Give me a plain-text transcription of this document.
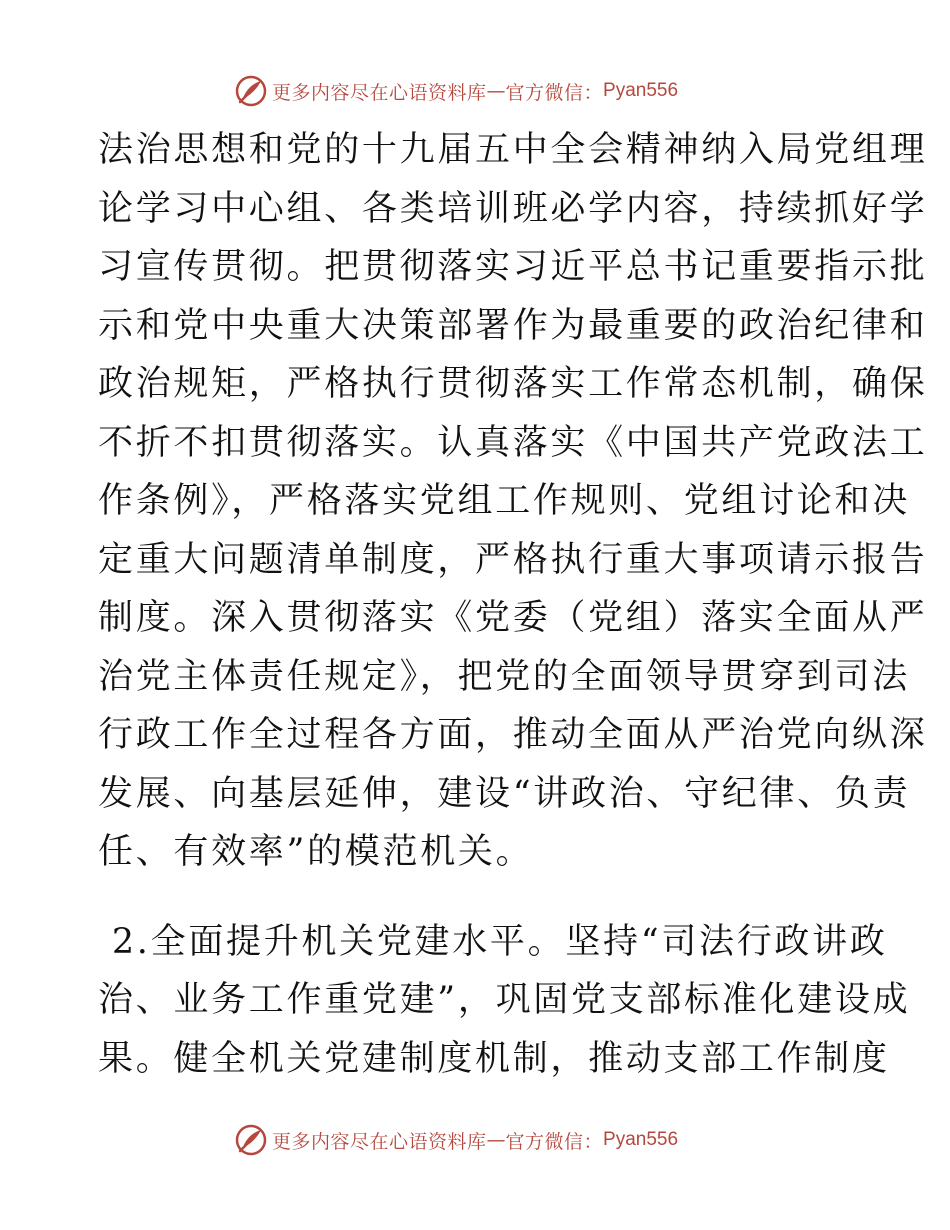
更多内容尽在心语资料库 — 官方微信： Pyan556
法治思想和党的十九届五中全会精神纳入局党组理
论学习中心组、各类培训班必学内容，持续抓好学
习宣传贯彻。把贯彻落实习近平总书记重要指示批
示和党中央重大决策部署作为最重要的政治纪律和
政治规矩，严格执行贯彻落实工作常态机制，确保
不折不扣贯彻落实。认真落实《中国共产党政法工
作条例》，严格落实党组工作规则、党组讨论和决
定重大问题清单制度，严格执行重大事项请示报告
制度。深入贯彻落实《党委（党组）落实全面从严
治党主体责任规定》，把党的全面领导贯穿到司法
行政工作全过程各方面，推动全面从严治党向纵深
发展、向基层延伸，建设“讲政治、守纪律、负责
任、有效率”的模范机关。
2.全面提升机关党建水平。坚持“司法行政讲政
治、业务工作重党建”，巩固党支部标准化建设成
果。健全机关党建制度机制，推动支部工作制度
更多内容尽在心语资料库 — 官方微信： Pyan556
